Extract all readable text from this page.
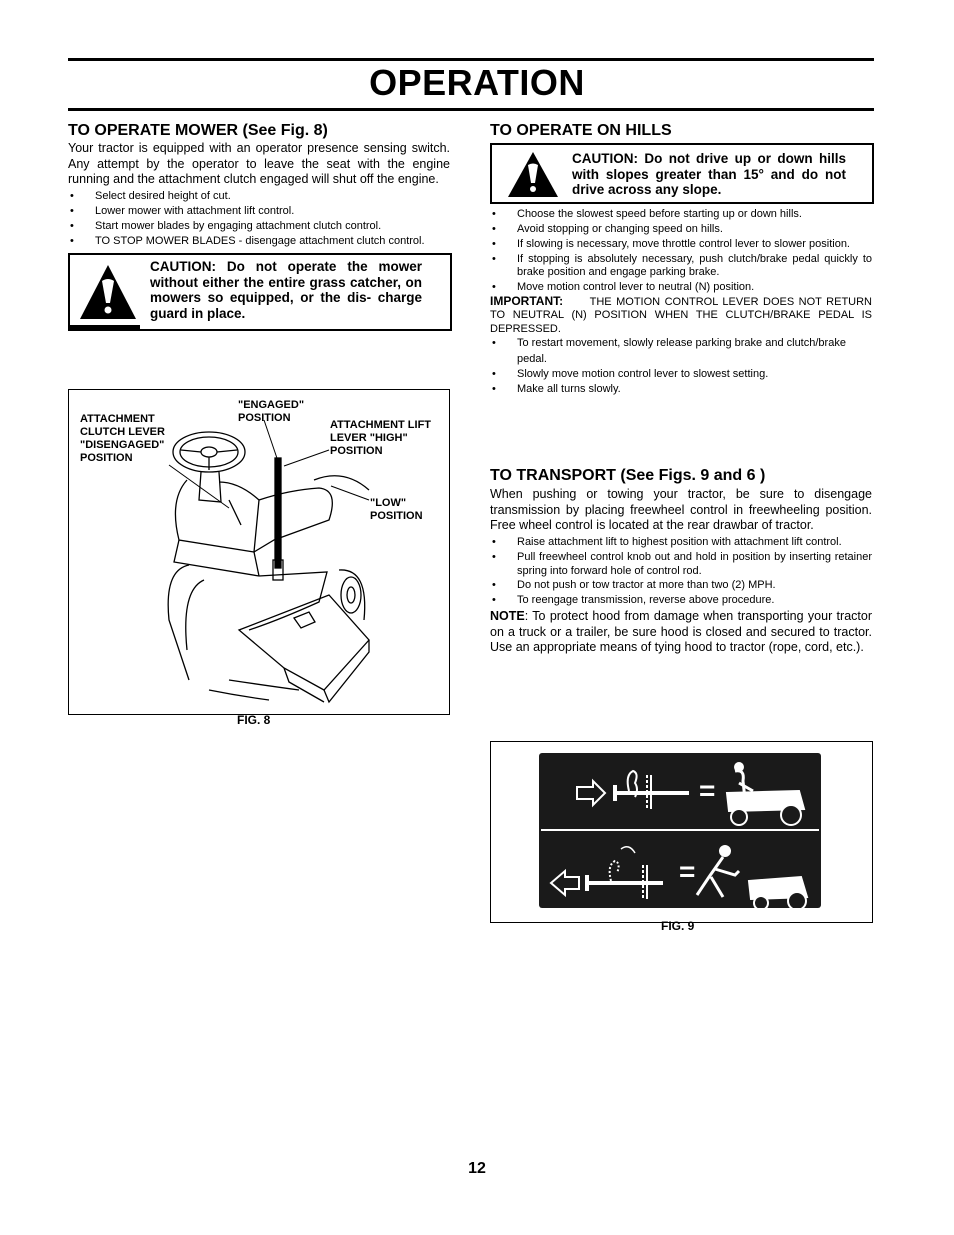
OPERATION
TO OPERATE MOWER (See Fig. 8)
Your tractor is equipped with an operator presence sensing switch. Any attempt by the operator to leave the seat with the engine running and the attachment clutch engaged will shut off the engine.
• Select desired height of cut.
• Lower mower with attachment lift control.
• Start mower blades by engaging attachment clutch control.
• TO STOP MOWER BLADES - disengage attachment clutch control.
CAUTION: Do not operate the mower without either the entire grass catcher, on mowers so equipped, or the dis- charge guard in place.
ATTACHMENT CLUTCH LEVER "DISENGAGED" POSITION
"ENGAGED" POSITION
ATTACHMENT LIFT LEVER "HIGH" POSITION
"LOW" POSITION
FIG. 8
TO OPERATE ON HILLS
CAUTION: Do not drive up or down hills with slopes greater than 15° and do not drive across any slope.
• Choose the slowest speed before starting up or down hills.
• Avoid stopping or changing speed on hills.
• If slowing is necessary, move throttle control lever to slower position.
• If stopping is absolutely necessary, push clutch/brake pedal quickly to brake position and engage parking brake.
• Move motion control lever to neutral (N) position.
IMPORTANT: THE MOTION CONTROL LEVER DOES NOT RETURN TO NEUTRAL (N) POSITION WHEN THE CLUTCH/BRAKE PEDAL IS DEPRESSED.
• To restart movement, slowly release parking brake and clutch/brake pedal.
• Slowly move motion control lever to slowest setting.
• Make all turns slowly.
TO TRANSPORT (See Figs. 9 and 6 )
When pushing or towing your tractor, be sure to disengage transmission by placing freewheel control in freewheeling position. Free wheel control is located at the rear drawbar of tractor.
• Raise attachment lift to highest position with attachment lift control.
• Pull freewheel control knob out and hold in position by inserting retainer spring into forward hole of control rod.
• Do not push or tow tractor at more than two (2) MPH.
• To reengage transmission, reverse above procedure.
NOTE: To protect hood from damage when transporting your tractor on a truck or a trailer, be sure hood is closed and secured to tractor. Use an appropriate means of tying hood to tractor (rope, cord, etc.).
=
=
FIG. 9
12
